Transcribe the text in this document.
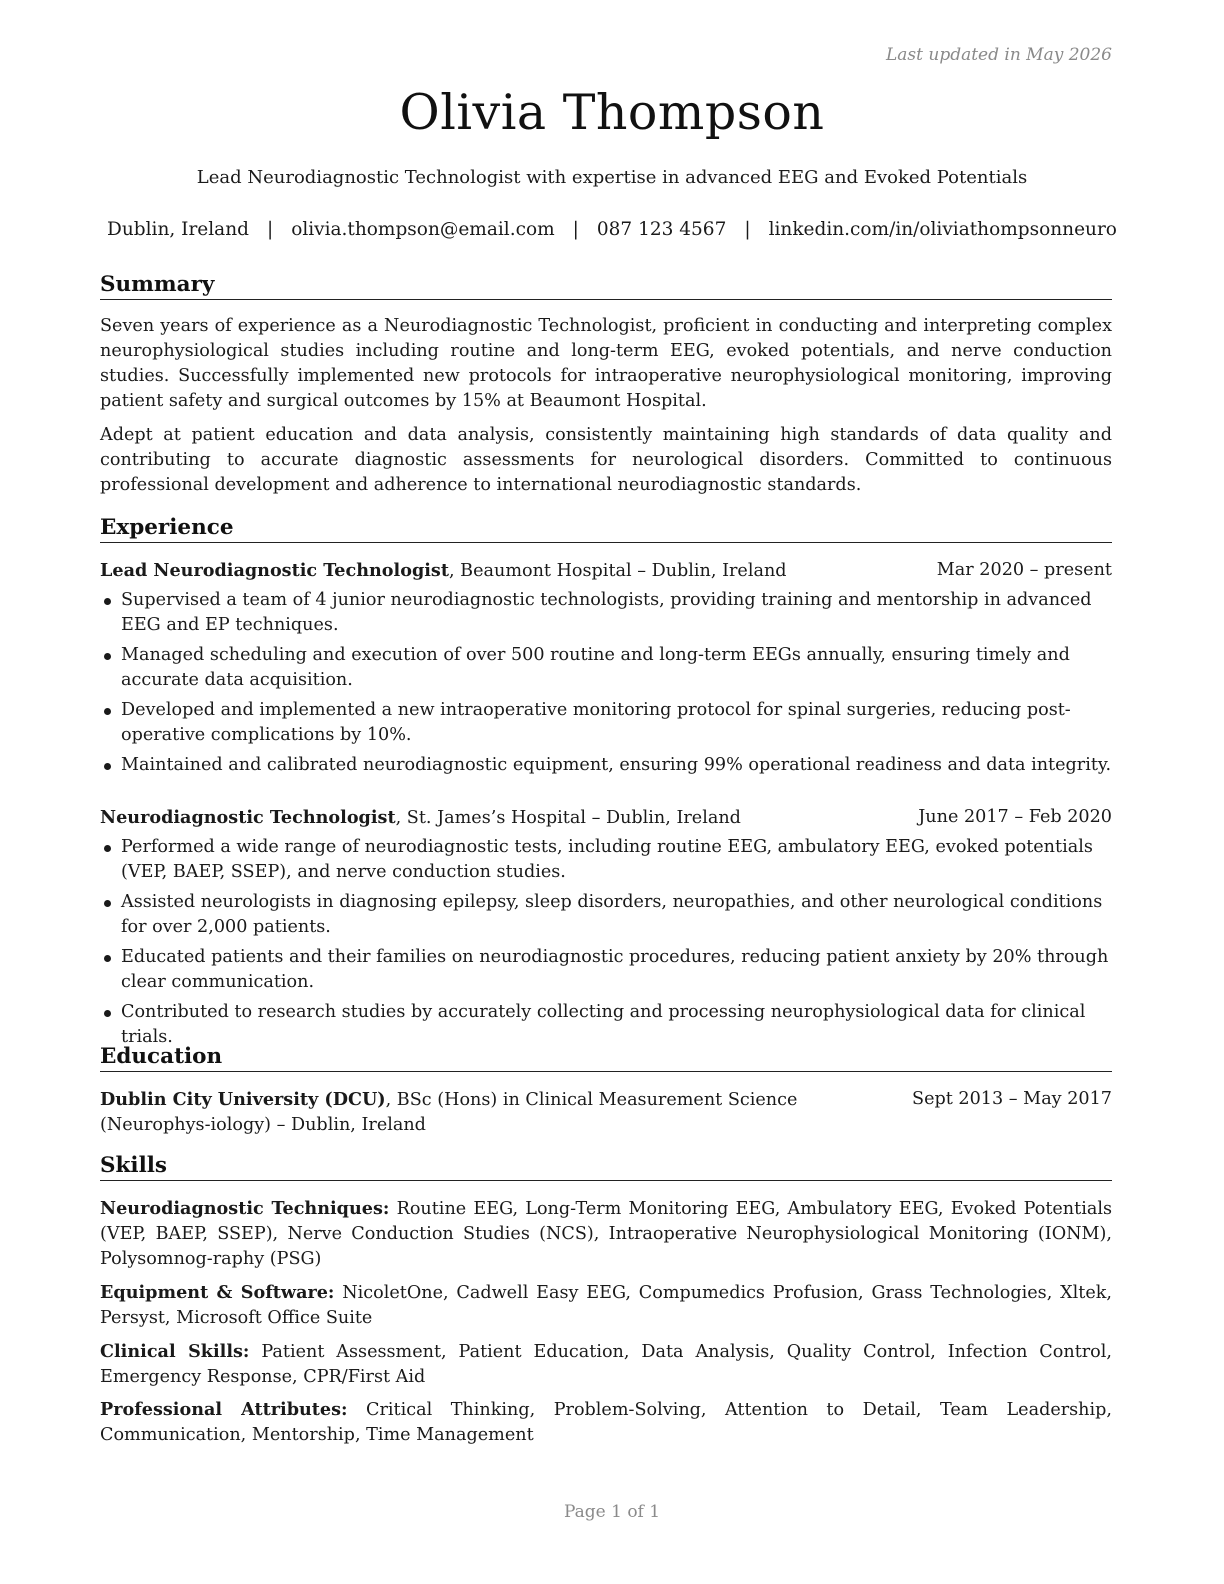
Last updated in May 2026
Olivia Thompson
Lead Neurodiagnostic Technologist with expertise in advanced EEG and Evoked Potentials
Dublin, Ireland | olivia.thompson@email.com | 087 123 4567 | linkedin.com/in/oliviathompsonneuro
Summary

Seven years of experience as a Neurodiagnostic Technologist, proficient in conducting and interpreting complex neurophysiological studies including routine and long-term EEG, evoked potentials, and nerve conduction studies. Successfully implemented new protocols for intraoperative neurophysiological monitoring, improving patient safety and surgical outcomes by 15% at Beaumont Hospital.

Adept at patient education and data analysis, consistently maintaining high standards of data quality and contributing to accurate diagnostic assessments for neurological disorders. Committed to continuous professional development and adherence to international neurodiagnostic standards.

Experience
Lead Neurodiagnostic Technologist, Beaumont Hospital – Dublin, Ireland	Mar 2020 – present
Supervised a team of 4 junior neurodiagnostic technologists, providing training and mentorship in advanced EEG and EP techniques.
Managed scheduling and execution of over 500 routine and long-term EEGs annually, ensuring timely and accurate data acquisition.
Developed and implemented a new intraoperative monitoring protocol for spinal surgeries, reducing post-operative complications by 10%.
Maintained and calibrated neurodiagnostic equipment, ensuring 99% operational readiness and data integrity.
Neurodiagnostic Technologist, St. James’s Hospital – Dublin, Ireland	June 2017 – Feb 2020
Performed a wide range of neurodiagnostic tests, including routine EEG, ambulatory EEG, evoked potentials (VEP, BAEP, SSEP), and nerve conduction studies.
Assisted neurologists in diagnosing epilepsy, sleep disorders, neuropathies, and other neurological conditions for over 2,000 patients.
Educated patients and their families on neurodiagnostic procedures, reducing patient anxiety by 20% through clear communication.
Contributed to research studies by accurately collecting and processing neurophysiological data for clinical trials.
Education
Dublin City University (DCU), BSc (Hons) in Clinical Measurement Science (Neurophys-iology) – Dublin, Ireland
Sept 2013 – May 2017
Skills
Neurodiagnostic Techniques: Routine EEG, Long-Term Monitoring EEG, Ambulatory EEG, Evoked Potentials (VEP, BAEP, SSEP), Nerve Conduction Studies (NCS), Intraoperative Neurophysiological Monitoring (IONM), Polysomnog-raphy (PSG)
Equipment & Software: NicoletOne, Cadwell Easy EEG, Compumedics Profusion, Grass Technologies, Xltek, Persyst, Microsoft Office Suite
Clinical Skills: Patient Assessment, Patient Education, Data Analysis, Quality Control, Infection Control, Emergency Response, CPR/First Aid
Professional Attributes: Critical Thinking, Problem-Solving, Attention to Detail, Team Leadership, Communication, Mentorship, Time Management
Page 1 of 1
